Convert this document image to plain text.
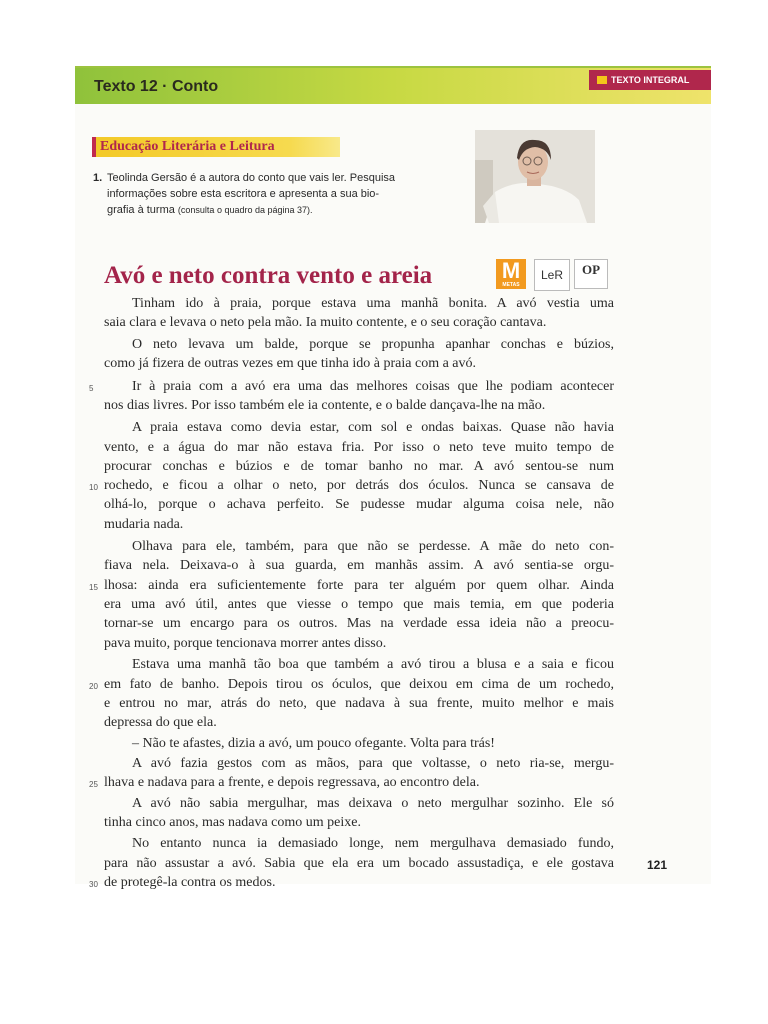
Texto 12 · Conto	TEXTO INTEGRAL
Educação Literária e Leitura
1. Teolinda Gersão é a autora do conto que vais ler. Pesquisa
informações sobre esta escritora e apresenta a sua bio-
grafia à turma (consulta o quadro da página 37).
Avó e neto contra vento e areia	M
METAS
LeR	OP
Tinham ido à praia, porque estava uma manhã bonita. A avó vestia uma
saia clara e levava o neto pela mão. Ia muito contente, e o seu coração cantava.
O neto levava um balde, porque se propunha apanhar conchas e búzios,
como já fizera de outras vezes em que tinha ido à praia com a avó.
Ir à praia com a avó era uma das melhores coisas que lhe podiam acontecer
5
nos dias livres. Por isso também ele ia contente, e o balde dançava-lhe na mão.
A praia estava como devia estar, com sol e ondas baixas. Quase não havia
vento, e a água do mar não estava fria. Por isso o neto teve muito tempo de
procurar conchas e búzios e de tomar banho no mar. A avó sentou-se num
rochedo, e ficou a olhar o neto, por detrás dos óculos. Nunca se cansava de
10
olhá-lo, porque o achava perfeito. Se pudesse mudar alguma coisa nele, não
mudaria nada.
Olhava para ele, também, para que não se perdesse. A mãe do neto con-
fiava nela. Deixava-o à sua guarda, em manhãs assim. A avó sentia-se orgu-
lhosa: ainda era suficientemente forte para ter alguém por quem olhar. Ainda
15
era uma avó útil, antes que viesse o tempo que mais temia, em que poderia
tornar-se um encargo para os outros. Mas na verdade essa ideia não a preocu-
pava muito, porque tencionava morrer antes disso.
Estava uma manhã tão boa que também a avó tirou a blusa e a saia e ficou
em fato de banho. Depois tirou os óculos, que deixou em cima de um rochedo,
20
e entrou no mar, atrás do neto, que nadava à sua frente, muito melhor e mais
depressa do que ela.
– Não te afastes, dizia a avó, um pouco ofegante. Volta para trás!
A avó fazia gestos com as mãos, para que voltasse, o neto ria-se, mergu-
lhava e nadava para a frente, e depois regressava, ao encontro dela.
25
A avó não sabia mergulhar, mas deixava o neto mergulhar sozinho. Ele só
tinha cinco anos, mas nadava como um peixe.
No entanto nunca ia demasiado longe, nem mergulhava demasiado fundo,
para não assustar a avó. Sabia que ela era um bocado assustadiça, e ele gostava
de protegê-la contra os medos.
30
121
